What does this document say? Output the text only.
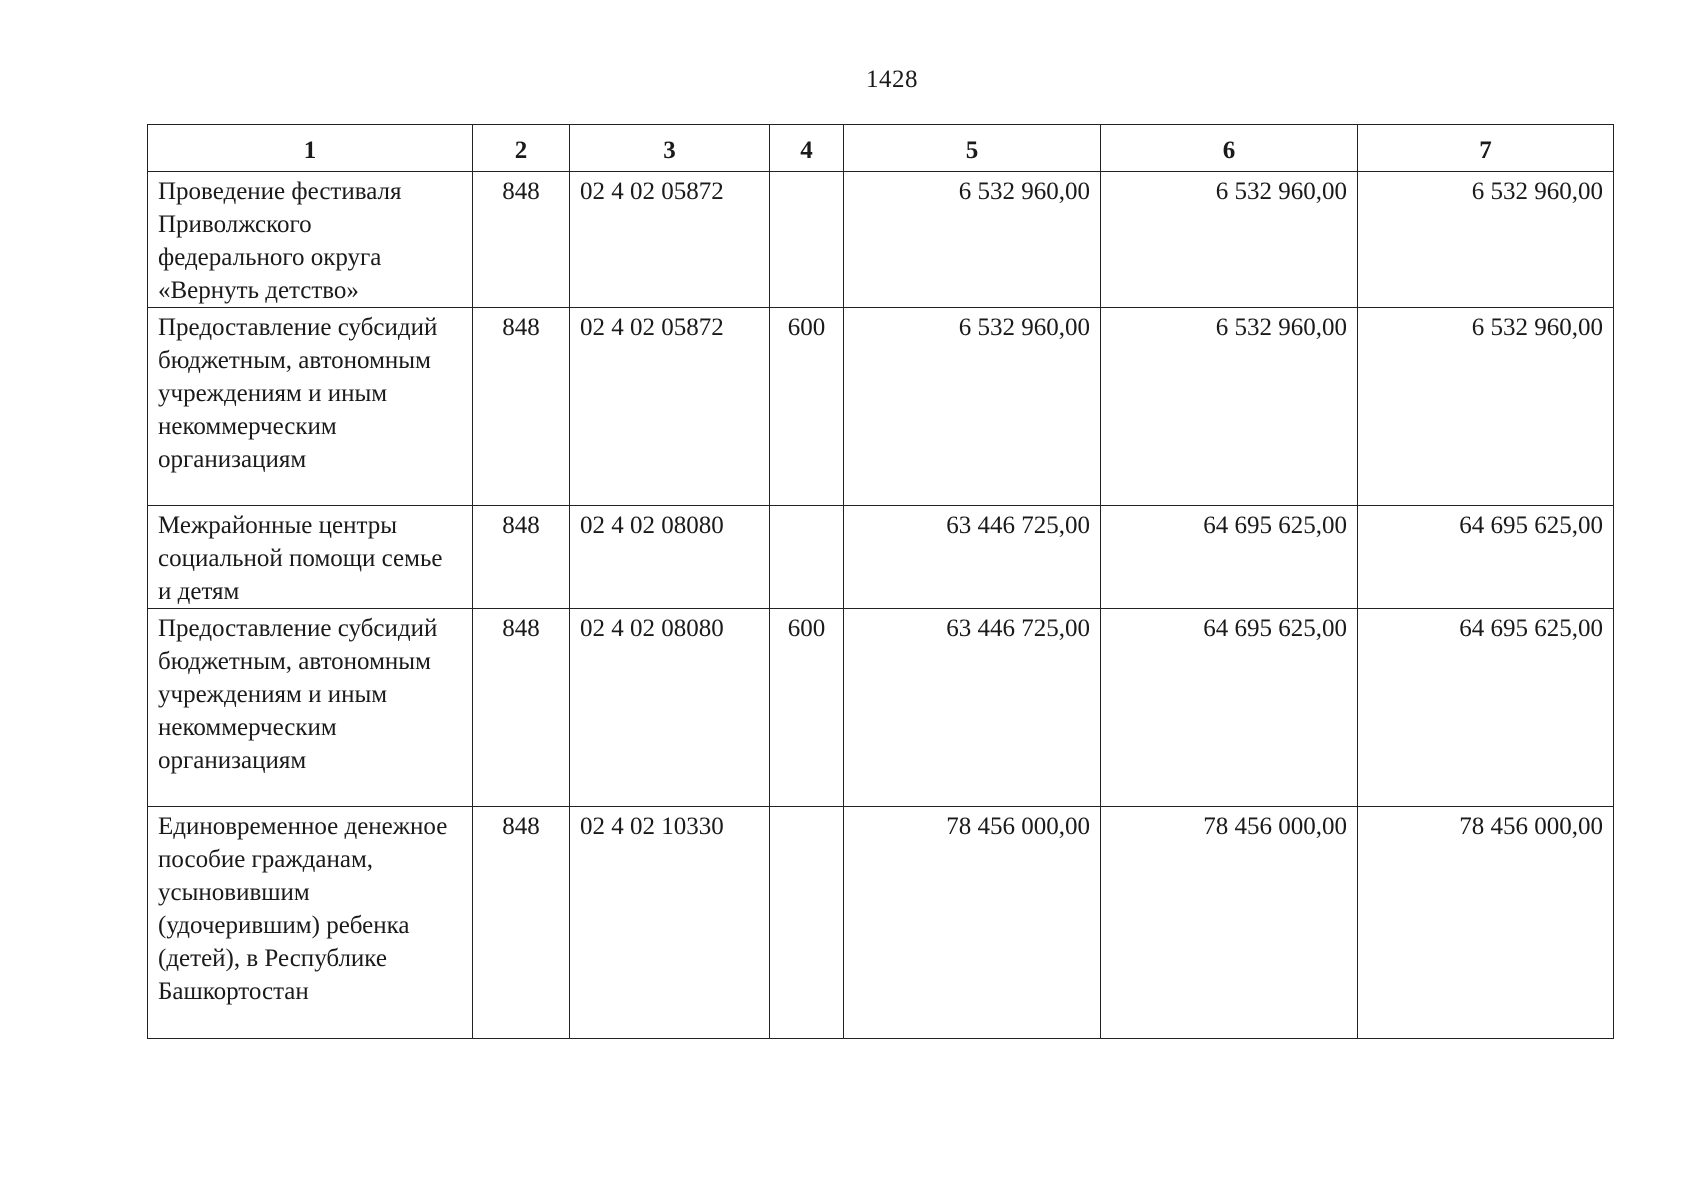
1428
1	2	3	4	5	6	7
Проведение фестиваля Приволжского федерального округа «Вернуть детство»	848	02 4 02 05872		6 532 960,00	6 532 960,00	6 532 960,00
Предоставление субсидий бюджетным, автономным учреждениям и иным некоммерческим организациям	848	02 4 02 05872	600	6 532 960,00	6 532 960,00	6 532 960,00
Межрайонные центры социальной помощи семье и детям	848	02 4 02 08080		63 446 725,00	64 695 625,00	64 695 625,00
Предоставление субсидий бюджетным, автономным учреждениям и иным некоммерческим организациям	848	02 4 02 08080	600	63 446 725,00	64 695 625,00	64 695 625,00
Единовременное денежное пособие гражданам, усыновившим (удочерившим) ребенка (детей), в Республике Башкортостан	848	02 4 02 10330		78 456 000,00	78 456 000,00	78 456 000,00
